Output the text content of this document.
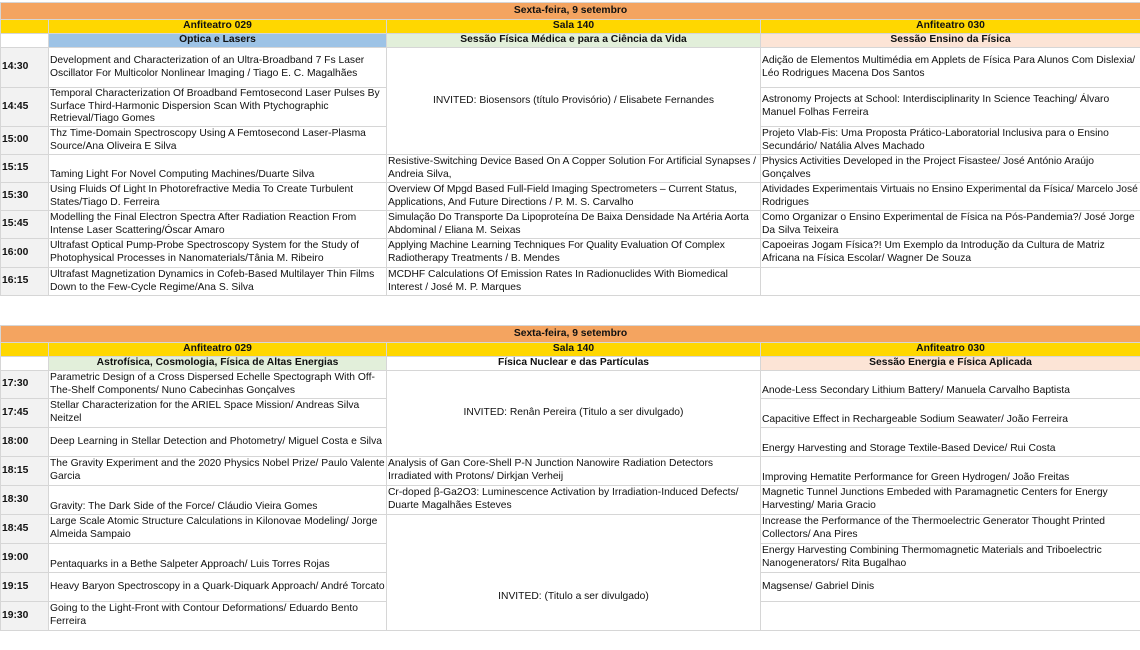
Sexta-feira, 9 setembro			
	Anfiteatro 029	Sala 140	Anfiteatro 030
	Óptica e Lasers	Sessão Física Médica e para a Ciência da Vida	Sessão Ensino da Física
14:30	Development and Characterization of an Ultra-Broadband 7 Fs Laser Oscillator For Multicolor Nonlinear Imaging / Tiago E. C. Magalhães	INVITED: Biosensors (título Provisório) / Elisabete Fernandes	Adição de Elementos Multimédia em Applets de Física Para Alunos Com Dislexia/ Léo Rodrigues Macena Dos Santos
14:45	Temporal Characterization Of Broadband Femtosecond Laser Pulses By Surface Third-Harmonic Dispersion Scan With Ptychographic Retrieval/Tiago Gomes		Astronomy Projects at School: Interdisciplinarity In Science Teaching/ Álvaro Manuel Folhas Ferreira
15:00	Thz Time-Domain Spectroscopy Using A Femtosecond Laser-Plasma Source/Ana Oliveira E Silva		Projeto Vlab-Fis: Uma Proposta Prático-Laboratorial Inclusiva para o Ensino Secundário/ Natália Alves Machado
15:15	Taming Light For Novel Computing Machines/Duarte Silva	Resistive-Switching Device Based On A Copper Solution For Artificial Synapses / Andreia Silva,	Physics Activities Developed in the Project Fisastee/ José António Araújo Gonçalves
15:30	Using Fluids Of Light In Photorefractive Media To Create Turbulent States/Tiago D. Ferreira	Overview Of Mpgd Based Full-Field Imaging Spectrometers – Current Status, Applications, And Future Directions / P. M. S. Carvalho	Atividades Experimentais Virtuais no Ensino Experimental da Física/ Marcelo José Rodrigues
15:45	Modelling the Final Electron Spectra After Radiation Reaction From Intense Laser Scattering/Óscar Amaro	Simulação Do Transporte Da Lipoproteína De Baixa Densidade Na Artéria Aorta Abdominal / Eliana M. Seixas	Como Organizar o Ensino Experimental de Física na Pós-Pandemia?/ José Jorge Da Silva Teixeira
16:00	Ultrafast Optical Pump-Probe Spectroscopy System for the Study of Photophysical Processes in Nanomaterials/Tânia M. Ribeiro	Applying Machine Learning Techniques For Quality Evaluation Of Complex Radiotherapy Treatments / B. Mendes	Capoeiras Jogam Física?! Um Exemplo da Introdução da Cultura de Matriz Africana na Física Escolar/ Wagner De Souza
16:15	Ultrafast Magnetization Dynamics in Cofeb-Based Multilayer Thin Films Down to the Few-Cycle Regime/Ana S. Silva	MCDHF Calculations Of Emission Rates In Radionuclides With Biomedical Interest / José M. P. Marques	
Sexta-feira, 9 setembro			
	Anfiteatro 029	Sala 140	Anfiteatro 030
	Astrofísica, Cosmologia, Física de Altas Energias	Física Nuclear e das Partículas	Sessão Energia e Física Aplicada
17:30	Parametric Design of a Cross Dispersed Echelle Spectograph With Off-The-Shelf Components/ Nuno Cabecinhas Gonçalves	INVITED: Renân Pereira (Titulo a ser divulgado)	Anode-Less Secondary Lithium Battery/ Manuela Carvalho Baptista
17:45	Stellar Characterization for the ARIEL Space Mission/ Andreas Silva Neitzel		Capacitive Effect in Rechargeable Sodium Seawater/ João Ferreira
18:00	Deep Learning in Stellar Detection and Photometry/ Miguel Costa e Silva		Energy Harvesting and Storage Textile-Based Device/ Rui Costa
18:15	The Gravity Experiment and the 2020 Physics Nobel Prize/ Paulo Valente Garcia	Analysis of Gan Core-Shell P-N Junction Nanowire Radiation Detectors Irradiated with Protons/ Dirkjan Verheij	Improving Hematite Performance for Green Hydrogen/ João Freitas
18:30	Gravity: The Dark Side of the Force/ Cláudio Vieira Gomes	Cr-doped β-Ga2O3: Luminescence Activation by Irradiation-Induced Defects/ Duarte Magalhães Esteves	Magnetic Tunnel Junctions Embeded with Paramagnetic Centers for Energy Harvesting/ Maria Gracio
18:45	Large Scale Atomic Structure Calculations in Kilonovae Modeling/ Jorge Almeida Sampaio	INVITED: (Titulo a ser divulgado)	Increase the Performance of the Thermoelectric Generator Thought Printed Collectors/ Ana Pires
19:00	Pentaquarks in a Bethe Salpeter Approach/ Luis Torres Rojas		Energy Harvesting Combining Thermomagnetic Materials and Triboelectric Nanogenerators/ Rita Bugalhao
19:15	Heavy Baryon Spectroscopy in a Quark-Diquark Approach/ André Torcato		Magsense/ Gabriel Dinis
19:30	Going to the Light-Front with Contour Deformations/ Eduardo Bento Ferreira		
